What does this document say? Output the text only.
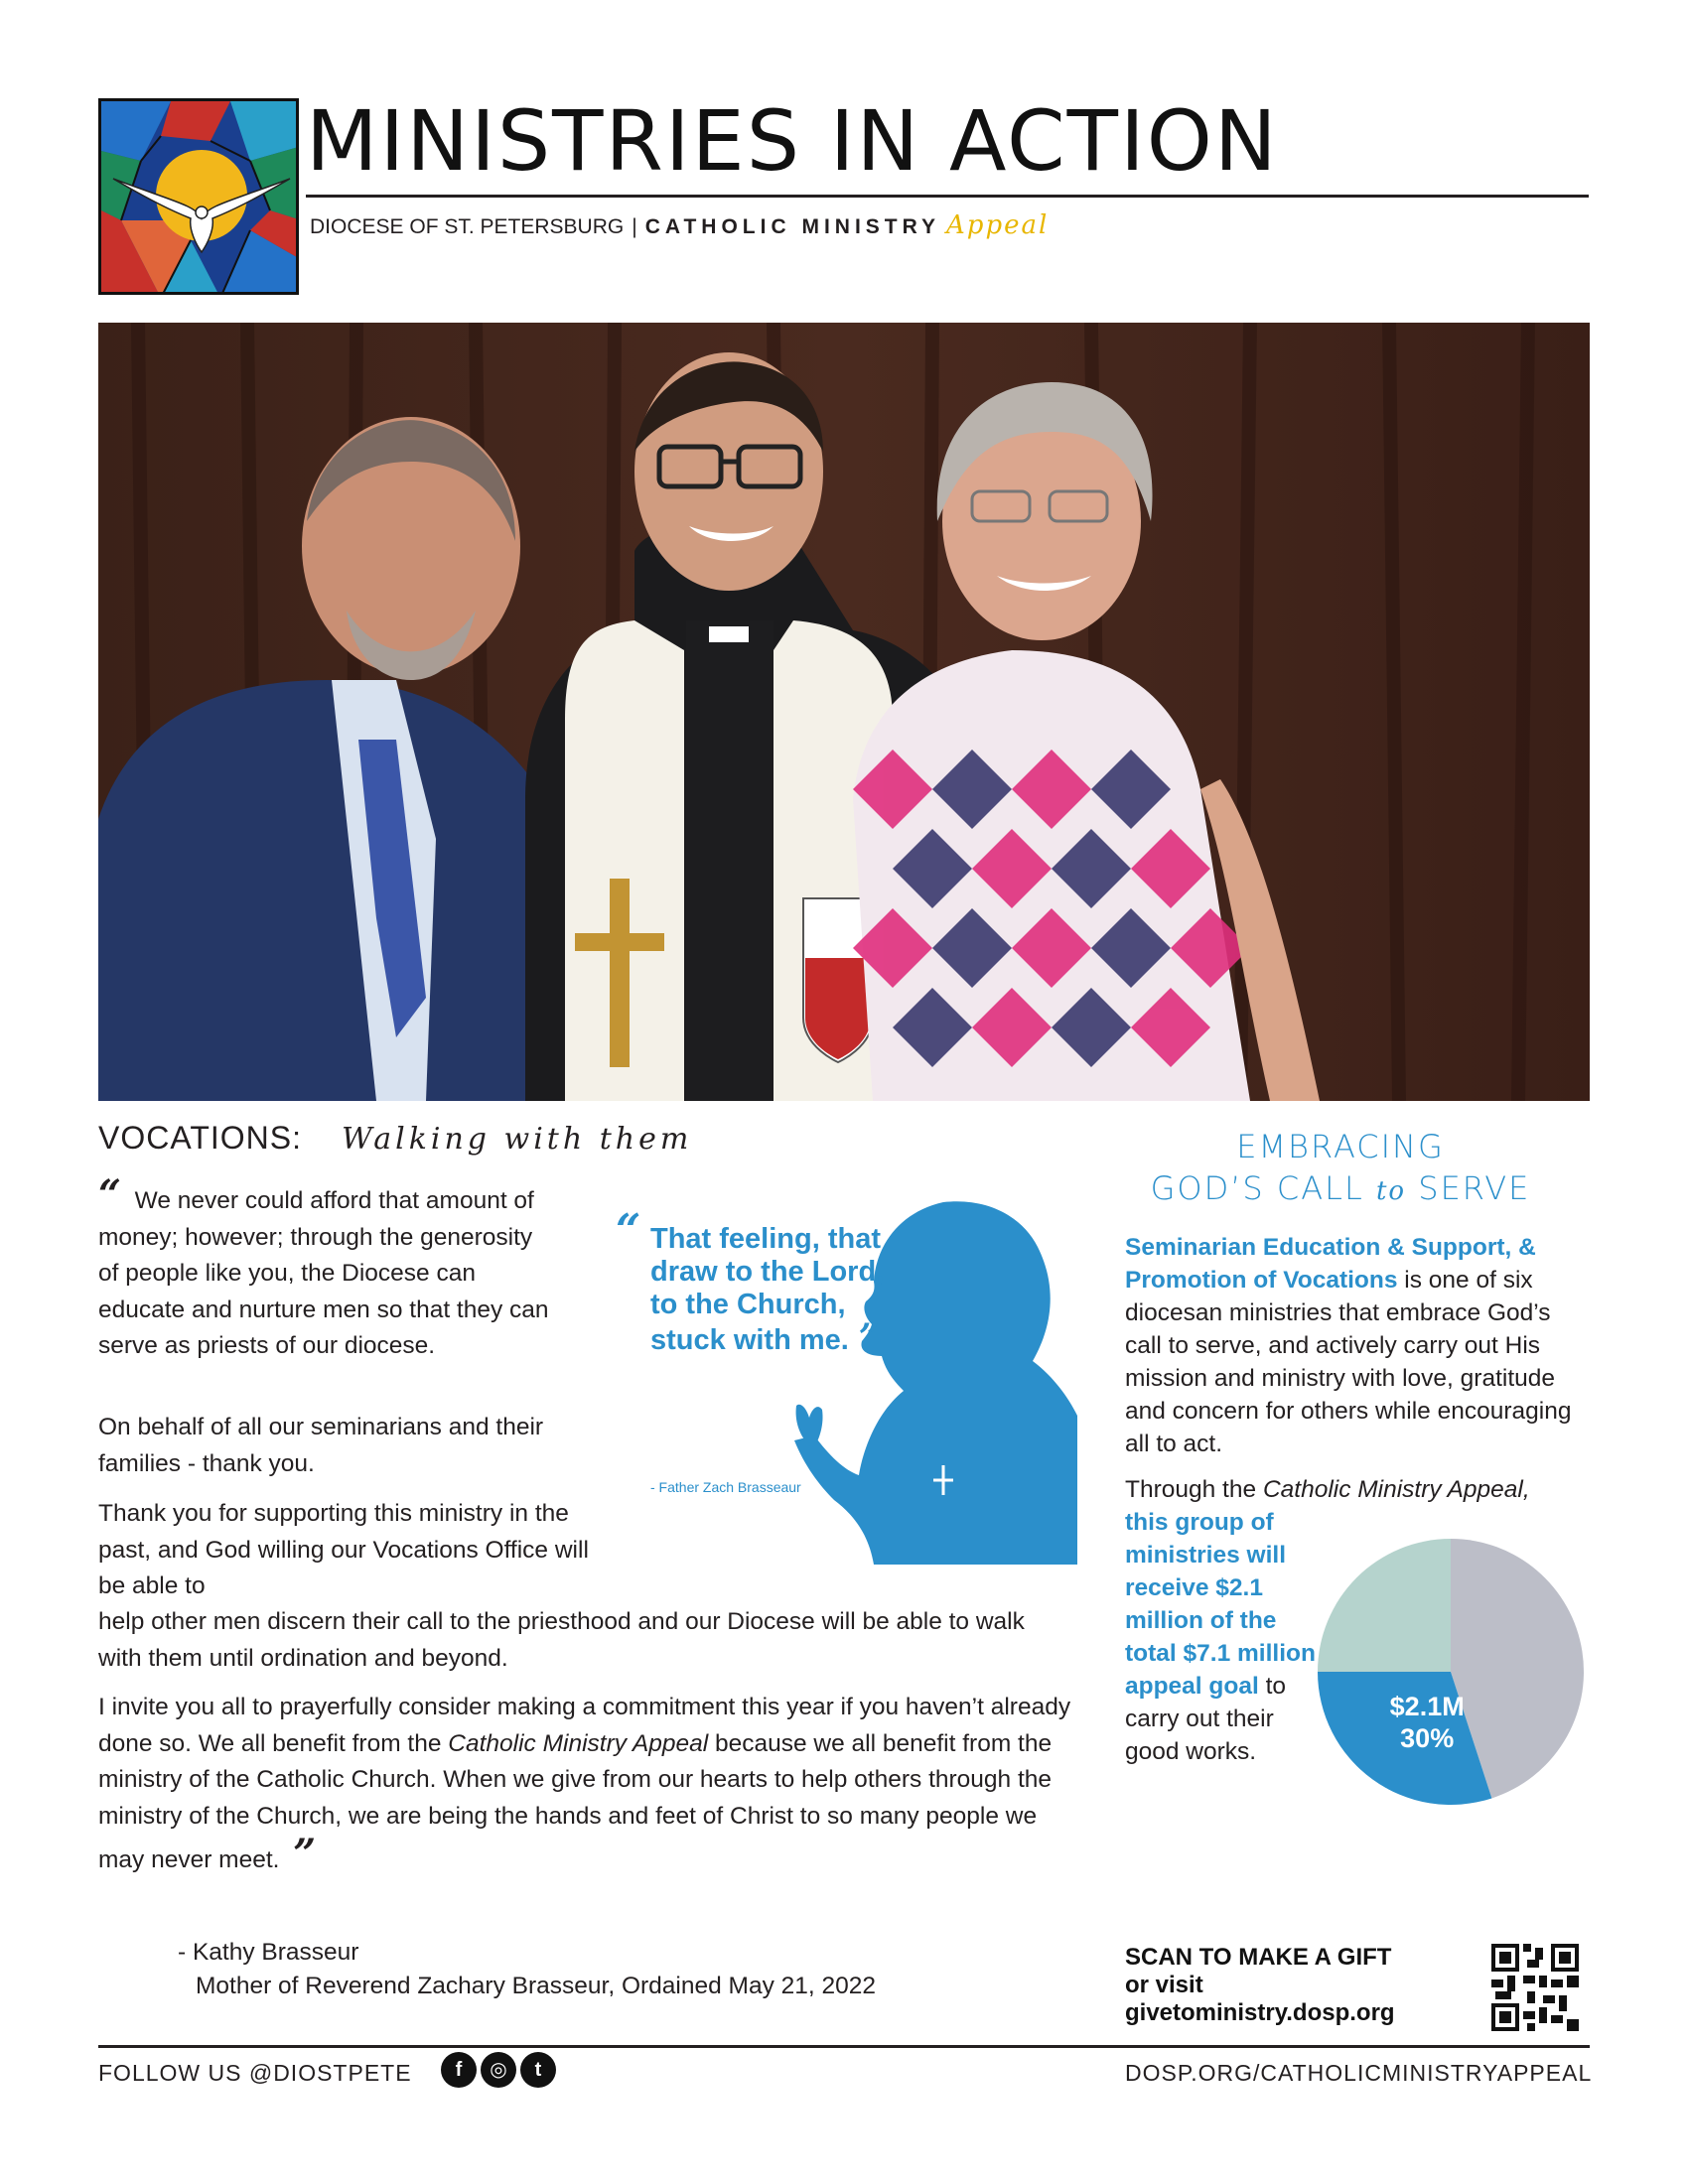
MINISTRIES IN ACTION
DIOCESE OF ST. PETERSBURG | CATHOLIC MINISTRY Appeal
VOCATIONS: Walking with them
“ We never could afford that amount of money; however; through the generosity of people like you, the Diocese can educate and nurture men so that they can serve as priests of our diocese.
On behalf of all our seminarians and their families - thank you.
Thank you for supporting this ministry in the past, and God willing our Vocations Office will be able to
help other men discern their call to the priesthood and our Diocese will be able to walk with them until ordination and beyond.
I invite you all to prayerfully consider making a commitment this year if you haven’t already done so. We all benefit from the Catholic Ministry Appeal because we all benefit from the ministry of the Catholic Church. When we give from our hearts to help others through the ministry of the Church, we are being the hands and feet of Christ to so many people we may never meet. ”
- Kathy Brasseur
Mother of Reverend Zachary Brasseur, Ordained May 21, 2022
“ That feeling, that draw to the Lord, to the Church, stuck with me. ”
- Father Zach Brasseaur
EMBRACING
GOD’S CALL to SERVE
Seminarian Education & Support, & Promotion of Vocations is one of six diocesan ministries that embrace God’s call to serve, and actively carry out His mission and ministry with love, gratitude and concern for others while encouraging all to act.
Through the Catholic Ministry Appeal,
this group of ministries will receive $2.1 million of the total $7.1 million appeal goal to carry out their good works.
$2.1M
30%
SCAN TO MAKE A GIFT
or visit
givetoministry.dosp.org
FOLLOW US @DIOSTPETE	f ◎ t	DOSP.ORG/CATHOLICMINISTRYAPPEAL
